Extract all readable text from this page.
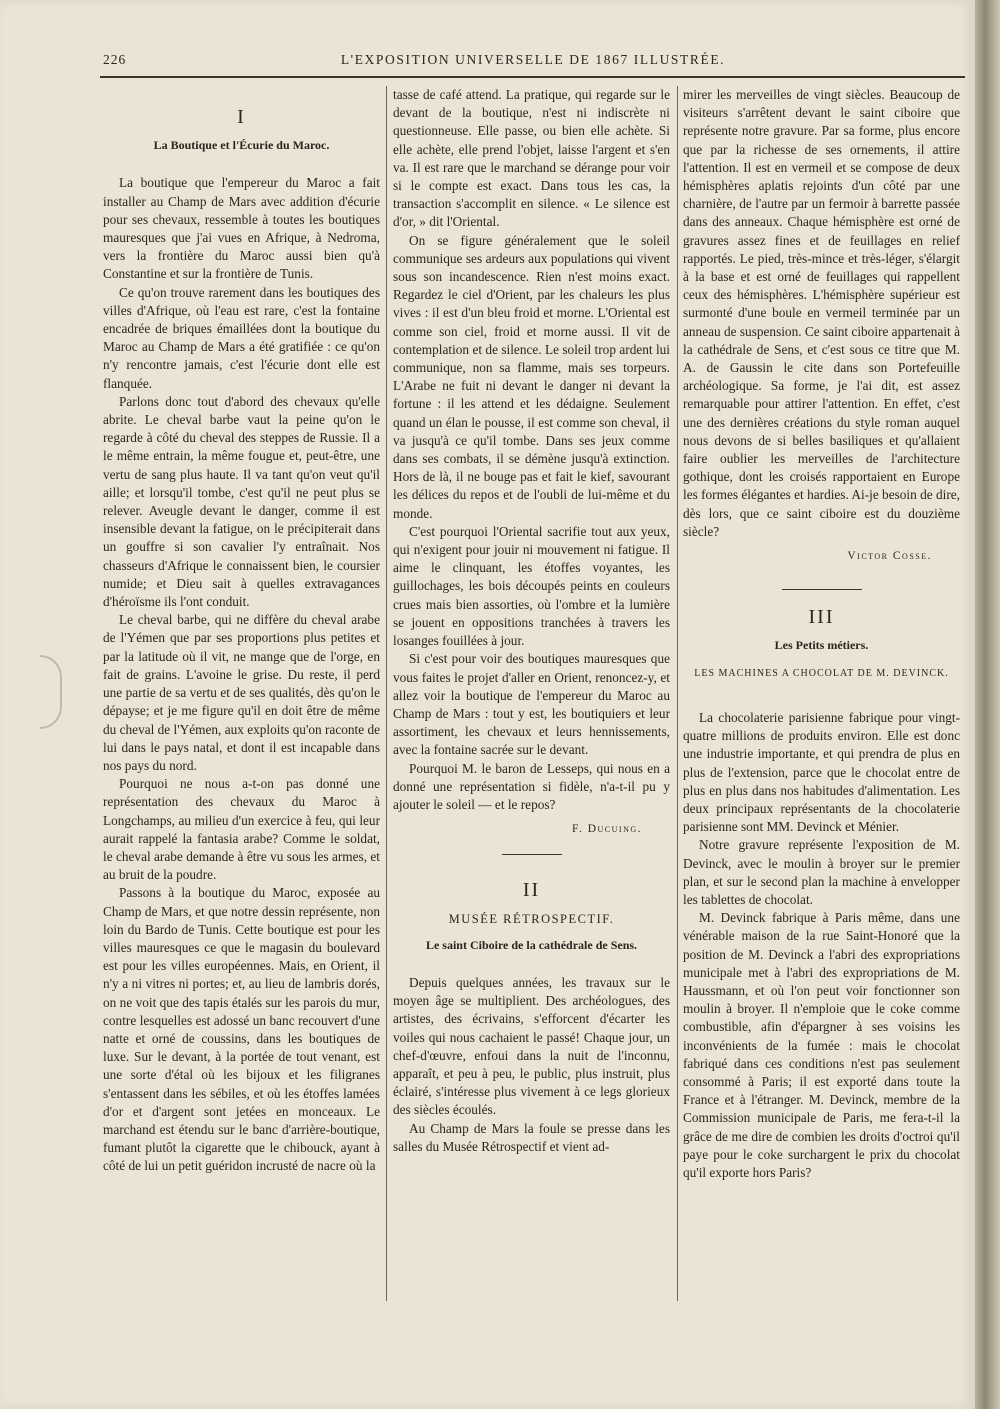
226	L'EXPOSITION UNIVERSELLE DE 1867 ILLUSTRÉE.
I
La Boutique et l'Écurie du Maroc.

La boutique que l'empereur du Maroc a fait installer au Champ de Mars avec addition d'écurie pour ses chevaux, ressemble à toutes les boutiques mauresques que j'ai vues en Afrique, à Nedroma, vers la frontière du Maroc aussi bien qu'à Constantine et sur la frontière de Tunis.

Ce qu'on trouve rarement dans les boutiques des villes d'Afrique, où l'eau est rare, c'est la fontaine encadrée de briques émaillées dont la boutique du Maroc au Champ de Mars a été gratifiée : ce qu'on n'y rencontre jamais, c'est l'écurie dont elle est flanquée.

Parlons donc tout d'abord des chevaux qu'elle abrite. Le cheval barbe vaut la peine qu'on le regarde à côté du cheval des steppes de Russie. Il a le même entrain, la même fougue et, peut-être, une vertu de sang plus haute. Il va tant qu'on veut qu'il aille; et lorsqu'il tombe, c'est qu'il ne peut plus se relever. Aveugle devant le danger, comme il est insensible devant la fatigue, on le précipiterait dans un gouffre si son cavalier l'y entraînait. Nos chasseurs d'Afrique le connaissent bien, le coursier numide; et Dieu sait à quelles extravagances d'héroïsme ils l'ont conduit.

Le cheval barbe, qui ne diffère du cheval arabe de l'Yémen que par ses proportions plus petites et par la latitude où il vit, ne mange que de l'orge, en fait de grains. L'avoine le grise. Du reste, il perd une partie de sa vertu et de ses qualités, dès qu'on le dépayse; et je me figure qu'il en doit être de même du cheval de l'Yémen, aux exploits qu'on raconte de lui dans le pays natal, et dont il est incapable dans nos pays du nord.

Pourquoi ne nous a-t-on pas donné une représentation des chevaux du Maroc à Longchamps, au milieu d'un exercice à feu, qui leur aurait rappelé la fantasia arabe? Comme le soldat, le cheval arabe demande à être vu sous les armes, et au bruit de la poudre.

Passons à la boutique du Maroc, exposée au Champ de Mars, et que notre dessin représente, non loin du Bardo de Tunis. Cette boutique est pour les villes mauresques ce que le magasin du boulevard est pour les villes européennes. Mais, en Orient, il n'y a ni vitres ni portes; et, au lieu de lambris dorés, on ne voit que des tapis étalés sur les parois du mur, contre lesquelles est adossé un banc recouvert d'une natte et orné de coussins, dans les boutiques de luxe. Sur le devant, à la portée de tout venant, est une sorte d'étal où les bijoux et les filigranes s'entassent dans les sébiles, et où les étoffes lamées d'or et d'argent sont jetées en monceaux. Le marchand est étendu sur le banc d'arrière-boutique, fumant plutôt la cigarette que le chibouck, ayant à côté de lui un petit guéridon incrusté de nacre où la

tasse de café attend. La pratique, qui regarde sur le devant de la boutique, n'est ni indiscrète ni questionneuse. Elle passe, ou bien elle achète. Si elle achète, elle prend l'objet, laisse l'argent et s'en va. Il est rare que le marchand se dérange pour voir si le compte est exact. Dans tous les cas, la transaction s'accomplit en silence. « Le silence est d'or, » dit l'Oriental.

On se figure généralement que le soleil communique ses ardeurs aux populations qui vivent sous son incandescence. Rien n'est moins exact. Regardez le ciel d'Orient, par les chaleurs les plus vives : il est d'un bleu froid et morne. L'Oriental est comme son ciel, froid et morne aussi. Il vit de contemplation et de silence. Le soleil trop ardent lui communique, non sa flamme, mais ses torpeurs. L'Arabe ne fuit ni devant le danger ni devant la fortune : il les attend et les dédaigne. Seulement quand un élan le pousse, il est comme son cheval, il va jusqu'à ce qu'il tombe. Dans ses jeux comme dans ses combats, il se démène jusqu'à extinction. Hors de là, il ne bouge pas et fait le kief, savourant les délices du repos et de l'oubli de lui-même et du monde.

C'est pourquoi l'Oriental sacrifie tout aux yeux, qui n'exigent pour jouir ni mouvement ni fatigue. Il aime le clinquant, les étoffes voyantes, les guillochages, les bois découpés peints en couleurs crues mais bien assorties, où l'ombre et la lumière se jouent en oppositions tranchées à travers les losanges fouillées à jour.

Si c'est pour voir des boutiques mauresques que vous faites le projet d'aller en Orient, renoncez-y, et allez voir la boutique de l'empereur du Maroc au Champ de Mars : tout y est, les boutiquiers et leur assortiment, les chevaux et leurs hennissements, avec la fontaine sacrée sur le devant.

Pourquoi M. le baron de Lesseps, qui nous en a donné une représentation si fidèle, n'a-t-il pu y ajouter le soleil — et le repos?

F. Ducuing.
II
MUSÉE RÉTROSPECTIF.
Le saint Ciboire de la cathédrale de Sens.

Depuis quelques années, les travaux sur le moyen âge se multiplient. Des archéologues, des artistes, des écrivains, s'efforcent d'écarter les voiles qui nous cachaient le passé! Chaque jour, un chef-d'œuvre, enfoui dans la nuit de l'inconnu, apparaît, et peu à peu, le public, plus instruit, plus éclairé, s'intéresse plus vivement à ce legs glorieux des siècles écoulés.

Au Champ de Mars la foule se presse dans les salles du Musée Rétrospectif et vient ad-

mirer les merveilles de vingt siècles. Beaucoup de visiteurs s'arrêtent devant le saint ciboire que représente notre gravure. Par sa forme, plus encore que par la richesse de ses ornements, il attire l'attention. Il est en vermeil et se compose de deux hémisphères aplatis rejoints d'un côté par une charnière, de l'autre par un fermoir à barrette passée dans des anneaux. Chaque hémisphère est orné de gravures assez fines et de feuillages en relief rapportés. Le pied, très-mince et très-léger, s'élargit à la base et est orné de feuillages qui rappellent ceux des hémisphères. L'hémisphère supérieur est surmonté d'une boule en vermeil terminée par un anneau de suspension. Ce saint ciboire appartenait à la cathédrale de Sens, et c'est sous ce titre que M. A. de Gaussin le cite dans son Portefeuille archéologique. Sa forme, je l'ai dit, est assez remarquable pour attirer l'attention. En effet, c'est une des dernières créations du style roman auquel nous devons de si belles basiliques et qu'allaient faire oublier les merveilles de l'architecture gothique, dont les croisés rapportaient en Europe les formes élégantes et hardies. Ai-je besoin de dire, dès lors, que ce saint ciboire est du douzième siècle?

Victor Cosse.
III
Les Petits métiers.
LES MACHINES A CHOCOLAT DE M. DEVINCK.

La chocolaterie parisienne fabrique pour vingt-quatre millions de produits environ. Elle est donc une industrie importante, et qui prendra de plus en plus de l'extension, parce que le chocolat entre de plus en plus dans nos habitudes d'alimentation. Les deux principaux représentants de la chocolaterie parisienne sont MM. Devinck et Ménier.

Notre gravure représente l'exposition de M. Devinck, avec le moulin à broyer sur le premier plan, et sur le second plan la machine à envelopper les tablettes de chocolat.

M. Devinck fabrique à Paris même, dans une vénérable maison de la rue Saint-Honoré que la position de M. Devinck a l'abri des expropriations municipale met à l'abri des expropriations de M. Haussmann, et où l'on peut voir fonctionner son moulin à broyer. Il n'emploie que le coke comme combustible, afin d'épargner à ses voisins les inconvénients de la fumée : mais le chocolat fabriqué dans ces conditions n'est pas seulement consommé à Paris; il est exporté dans toute la France et à l'étranger. M. Devinck, membre de la Commission municipale de Paris, me fera-t-il la grâce de me dire de combien les droits d'octroi qu'il paye pour le coke surchargent le prix du chocolat qu'il exporte hors Paris?
